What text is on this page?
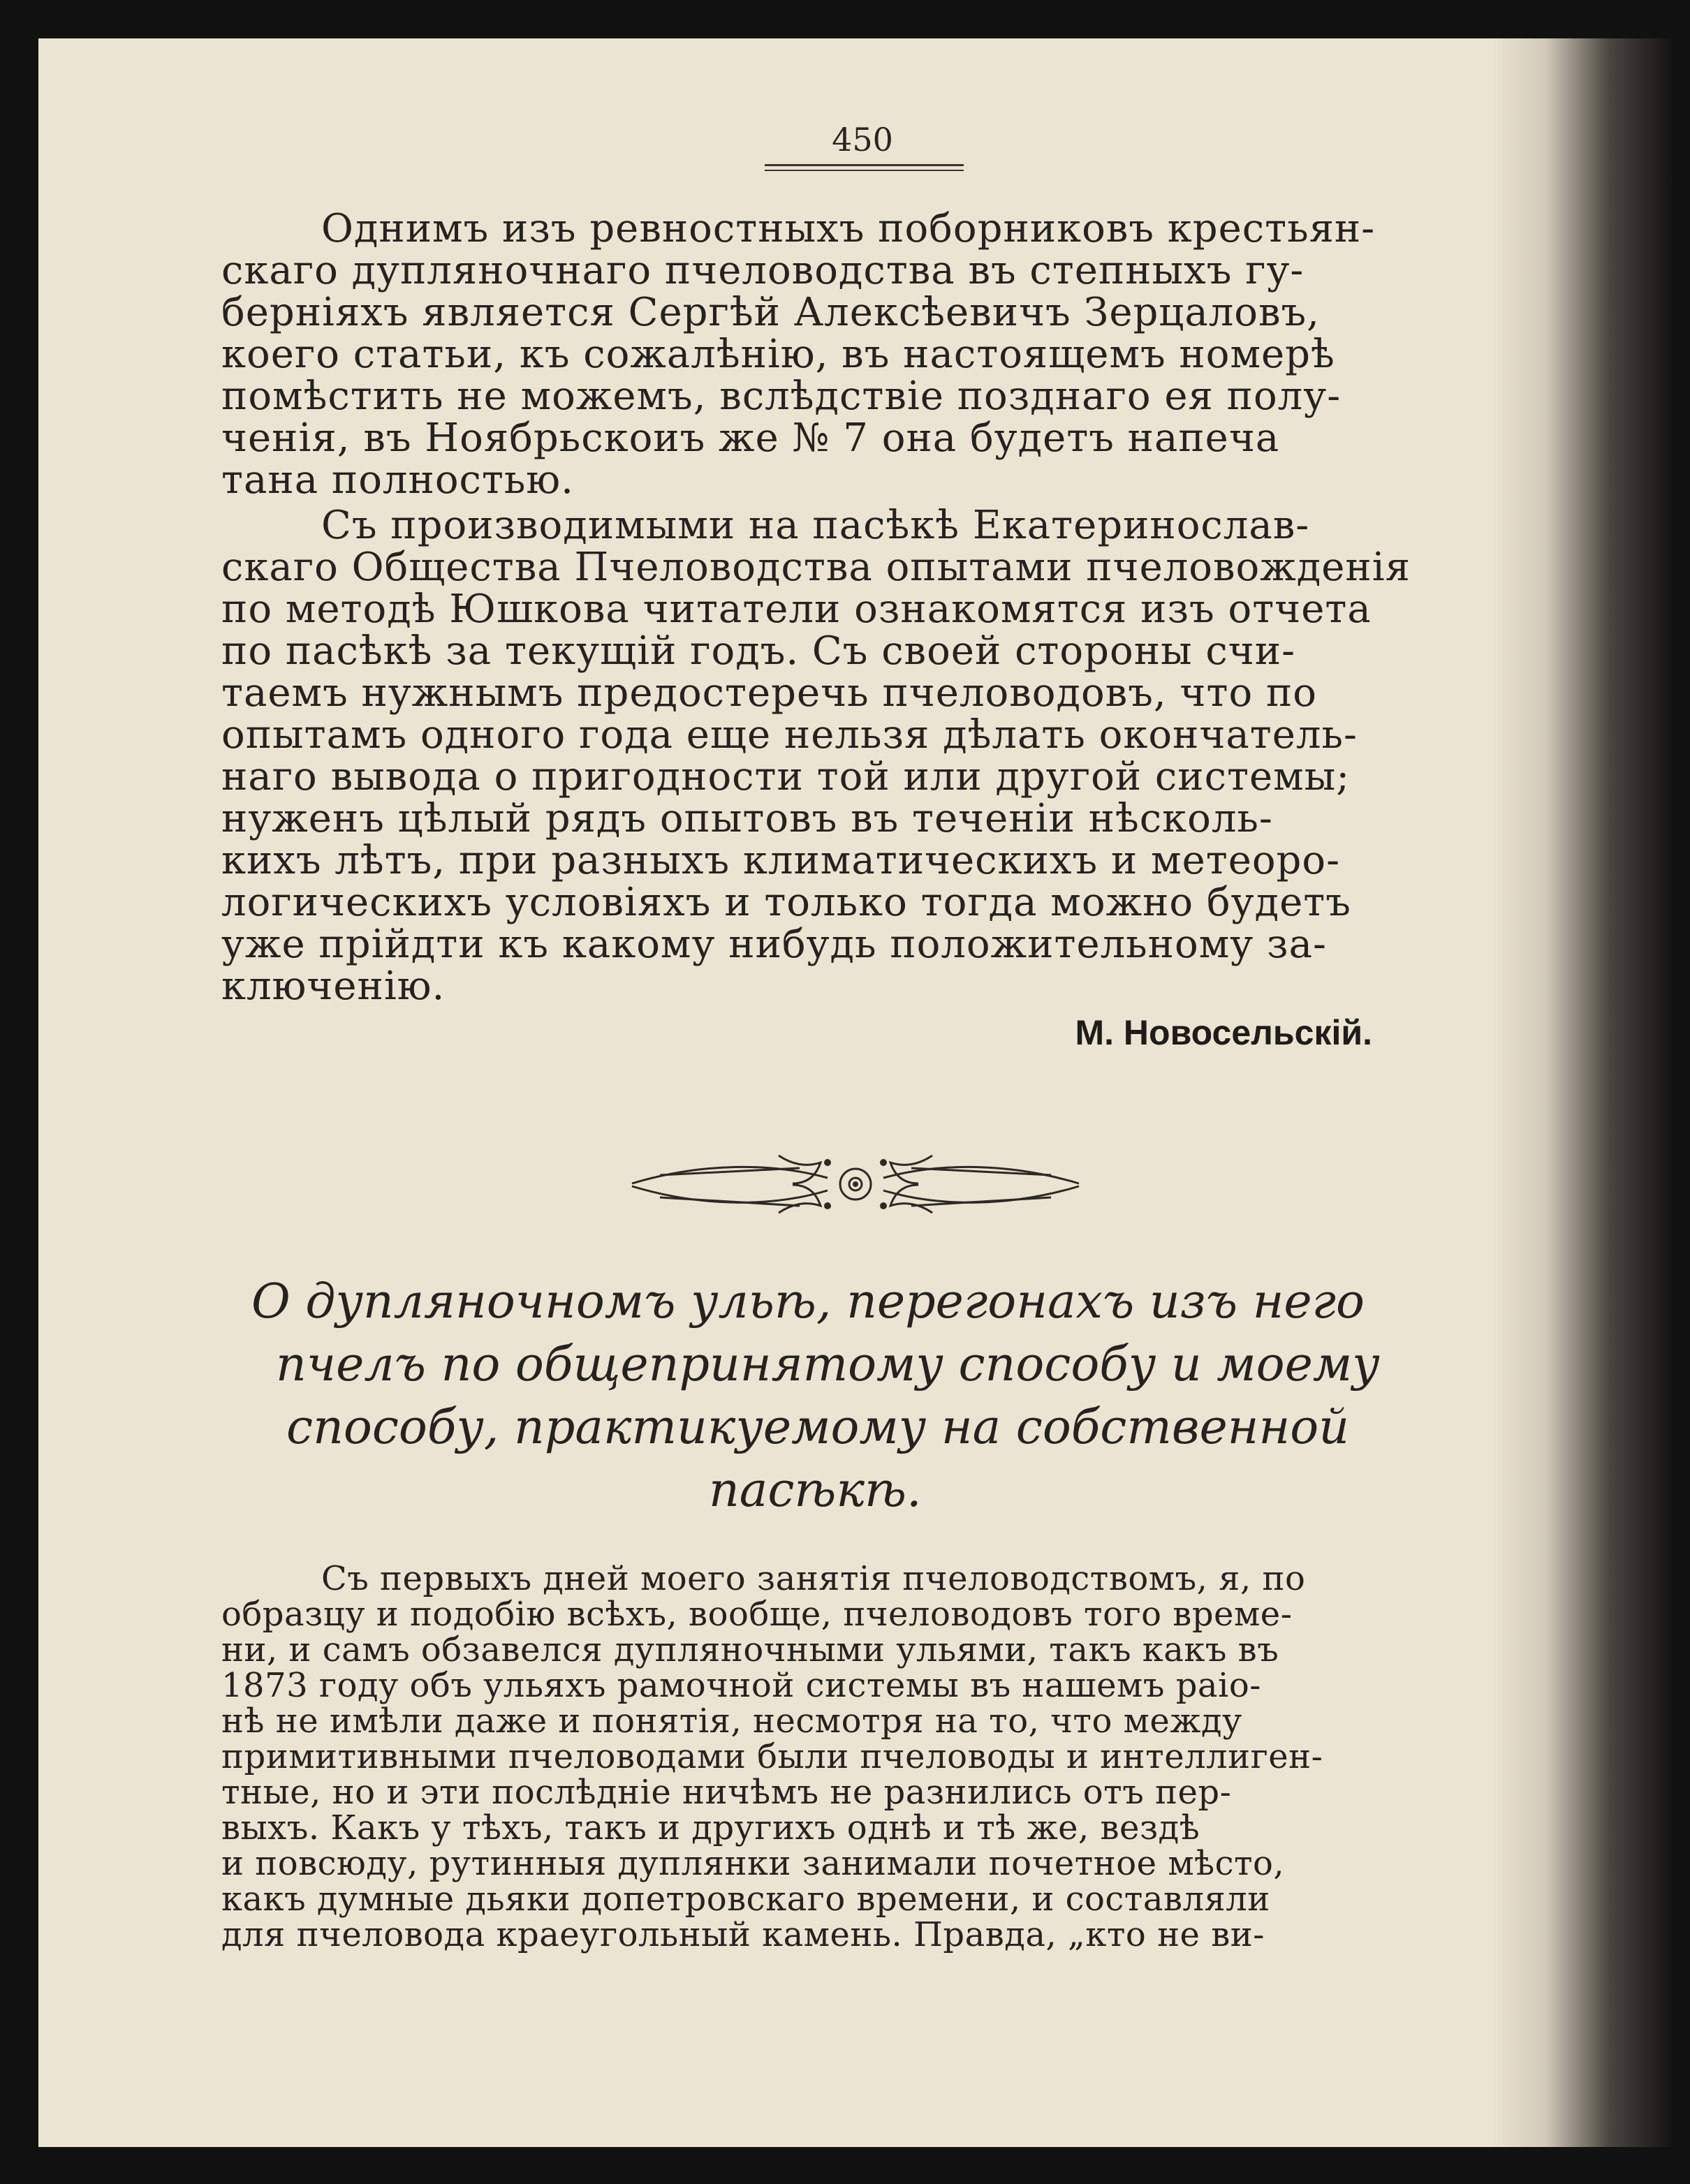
450
Однимъ изъ ревностныхъ поборниковъ крестьян-
скаго дупляночнаго пчеловодства въ степныхъ гу-
берніяхъ является Сергѣй Алексѣевичъ Зерцаловъ,
коего статьи, къ сожалѣнію, въ настоящемъ номерѣ
помѣстить не можемъ, вслѣдствіе позднаго ея полу-
ченія, въ Ноябрьскоиъ же № 7 она будетъ напеча
тана полностью.
Съ производимыми на пасѣкѣ Екатеринослав-
скаго Общества Пчеловодства опытами пчеловожденія
по методѣ Юшкова читатели ознакомятся изъ отчета
по пасѣкѣ за текущій годъ. Съ своей стороны счи-
таемъ нужнымъ предостеречь пчеловодовъ, что по
опытамъ одного года еще нельзя дѣлать окончатель-
наго вывода о пригодности той или другой системы;
нуженъ цѣлый рядъ опытовъ въ теченіи нѣсколь-
кихъ лѣтъ, при разныхъ климатическихъ и метеоро-
логическихъ условіяхъ и только тогда можно будетъ
уже прійдти къ какому нибудь положительному за-
ключенію.
М. Новосельскій.
О дупляночномъ ульѣ, перегонахъ изъ него
пчелъ по общепринятому способу и моему
способу, практикуемому на собственной
пасѣкѣ.
Съ первыхъ дней моего занятія пчеловодствомъ, я, по
образцу и подобію всѣхъ, вообще, пчеловодовъ того време-
ни, и самъ обзавелся дупляночными ульями, такъ какъ въ
1873 году объ ульяхъ рамочной системы въ нашемъ раіо-
нѣ не имѣли даже и понятія, несмотря на то, что между
примитивными пчеловодами были пчеловоды и интеллиген-
тные, но и эти послѣдніе ничѣмъ не разнились отъ пер-
выхъ. Какъ у тѣхъ, такъ и другихъ однѣ и тѣ же, вездѣ
и повсюду, рутинныя дуплянки занимали почетное мѣсто,
какъ думные дьяки допетровскаго времени, и составляли
для пчеловода краеугольный камень. Правда, „кто не ви-
